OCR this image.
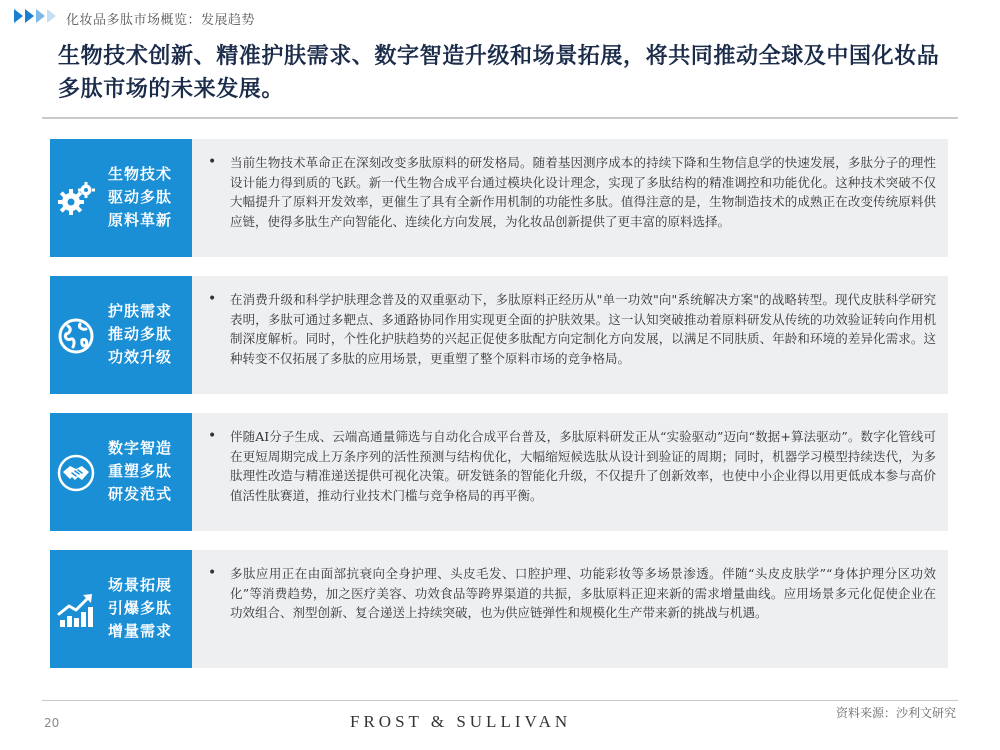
化妆品多肽市场概览：发展趋势
生物技术创新、精准护肤需求、数字智造升级和场景拓展，将共同推动全球及中国化妆品多肽市场的未来发展。
生物技术驱动多肽原料革新
•	当前生物技术革命正在深刻改变多肽原料的研发格局。随着基因测序成本的持续下降和生物信息学的快速发展，多肽分子的理性设计能力得到质的飞跃。新一代生物合成平台通过模块化设计理念，实现了多肽结构的精准调控和功能优化。这种技术突破不仅大幅提升了原料开发效率，更催生了具有全新作用机制的功能性多肽。值得注意的是，生物制造技术的成熟正在改变传统原料供应链，使得多肽生产向智能化、连续化方向发展，为化妆品创新提供了更丰富的原料选择。
护肤需求推动多肽功效升级
•	在消费升级和科学护肤理念普及的双重驱动下，多肽原料正经历从"单一功效"向"系统解决方案"的战略转型。现代皮肤科学研究表明，多肽可通过多靶点、多通路协同作用实现更全面的护肤效果。这一认知突破推动着原料研发从传统的功效验证转向作用机制深度解析。同时，个性化护肤趋势的兴起正促使多肽配方向定制化方向发展，以满足不同肤质、年龄和环境的差异化需求。这种转变不仅拓展了多肽的应用场景，更重塑了整个原料市场的竞争格局。
数字智造重塑多肽研发范式
•	伴随AI分子生成、云端高通量筛选与自动化合成平台普及，多肽原料研发正从“实验驱动”迈向“数据+算法驱动”。数字化管线可在更短周期完成上万条序列的活性预测与结构优化，大幅缩短候选肽从设计到验证的周期；同时，机器学习模型持续迭代，为多肽理性改造与精准递送提供可视化决策。研发链条的智能化升级，不仅提升了创新效率，也使中小企业得以用更低成本参与高价值活性肽赛道，推动行业技术门槛与竞争格局的再平衡。
场景拓展引爆多肽增量需求
•	多肽应用正在由面部抗衰向全身护理、头皮毛发、口腔护理、功能彩妆等多场景渗透。伴随“头皮皮肤学”“身体护理分区功效化”等消费趋势，加之医疗美容、功效食品等跨界渠道的共振，多肽原料正迎来新的需求增量曲线。应用场景多元化促使企业在功效组合、剂型创新、复合递送上持续突破，也为供应链弹性和规模化生产带来新的挑战与机遇。
20	FROST & SULLIVAN	资料来源：沙利文研究
